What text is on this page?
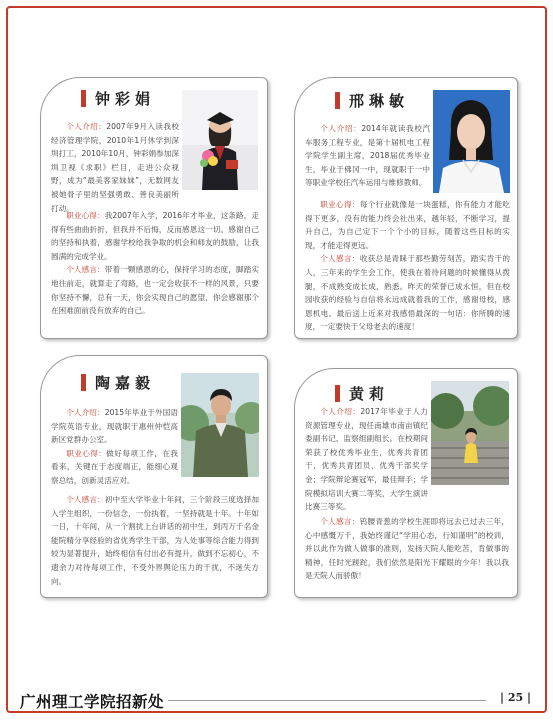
钟彩娟

个人介绍：2007年9月入读我校经济管理学院，2010年1月休学到深圳打工，2010年10月，钟彩娟参加深圳卫视《求职》栏目，走进公众视野，成为“最美客家妹妹”，无数网友被她骨子里的坚强勇敢、善良美丽所打动。

职业心得：我2007年入学，2016年才毕业，这条路，走得有些曲曲折折，但我并不后悔，反而感恩这一切。感谢自己的坚持和执着，感谢学校给我争取的机会和师友的鼓励，让我圆满的完成学业。

个人感言：带着一颗感恩的心，保持学习的态度，脚踏实地往前走，就算走了弯路，也一定会收获不一样的风景，只要你坚持不懈，总有一天，你会实现自己的愿望，你会感谢那个在困难面前没有放弃的自己。

邢琳敏

个人介绍：2014年就读我校汽车服务工程专业，是第十届机电工程学院学生副主席，2018届优秀毕业生，毕业于佛冈一中，现就职于一中等职业学校任汽车运用与维修教师。

职业心得：每个行业就像是一块蛋糕，你有能力才能吃得下更多，没有的能力终会社出来，越年轻，不断学习，提升自己，为自己定下一个个小的目标，随着这些目标的实现，才能走得更远。

个人感言：收获总是青睐于那些勤劳刻苦，踏实肯干的人，三年来的学生会工作，使我在着待问题的时候懂得从拨腿，不成熟变成长成，熟悉。昨天的荣誉已成永恒，但在校园收获的经验与自信将永远成就着我的工作，感谢母校，感恩机电。最后送上近来对我感悟最深的一句话：你所腾的速度，一定要快于父母老去的速度！

陶嘉毅

个人介绍：2015年毕业于外国语学院英语专业，现就职于惠州仲恺高新区党群办公室。

职业心得：做好每项工作，在我看来，关键在于态度端正，能细心观察总结，创新灵活应对。

个人感言：初中至大学毕业十年间，三个阶段三度选择加入学生组织，一份信念，一份执着，一坚持就是十年。十年如一日，十年间，从一个割扰上台讲话的初中生，到丙万千名金能院精分享经验的省优秀学生干部，为人处事等综合能力得到较为显著提升，始终相信有付出必有提升，做到不忘初心，不遗余力对待每项工作，不受外界舆论压力的干扰，不迷失方向。

黄莉

个人介绍：2017年毕业于人力资源管理专业，现任南雄市南亩镇纪委副书记、监察组副组长。在校期间荣获了校优秀毕业生，优秀共青团干，优秀共青团员，优秀干部奖学金；学院辩论赛冠军，最佳辩手；学院模拟培训大赛二等奖，大学生演讲比赛三等奖。

个人感言：钨腰青葱的学校生涯即将远去已过去三年，心中感慨万千，我始终谨记“学用心态，行知谨明”的校训，并以此作为做人做事的准则，发扬天院人能吃苦，肯做事的精神，任时光蹉跎，我们依然是阳光下耀眼的少年！我以我是天院人而骄傲！

广州理工学院招新处	| 25 |
